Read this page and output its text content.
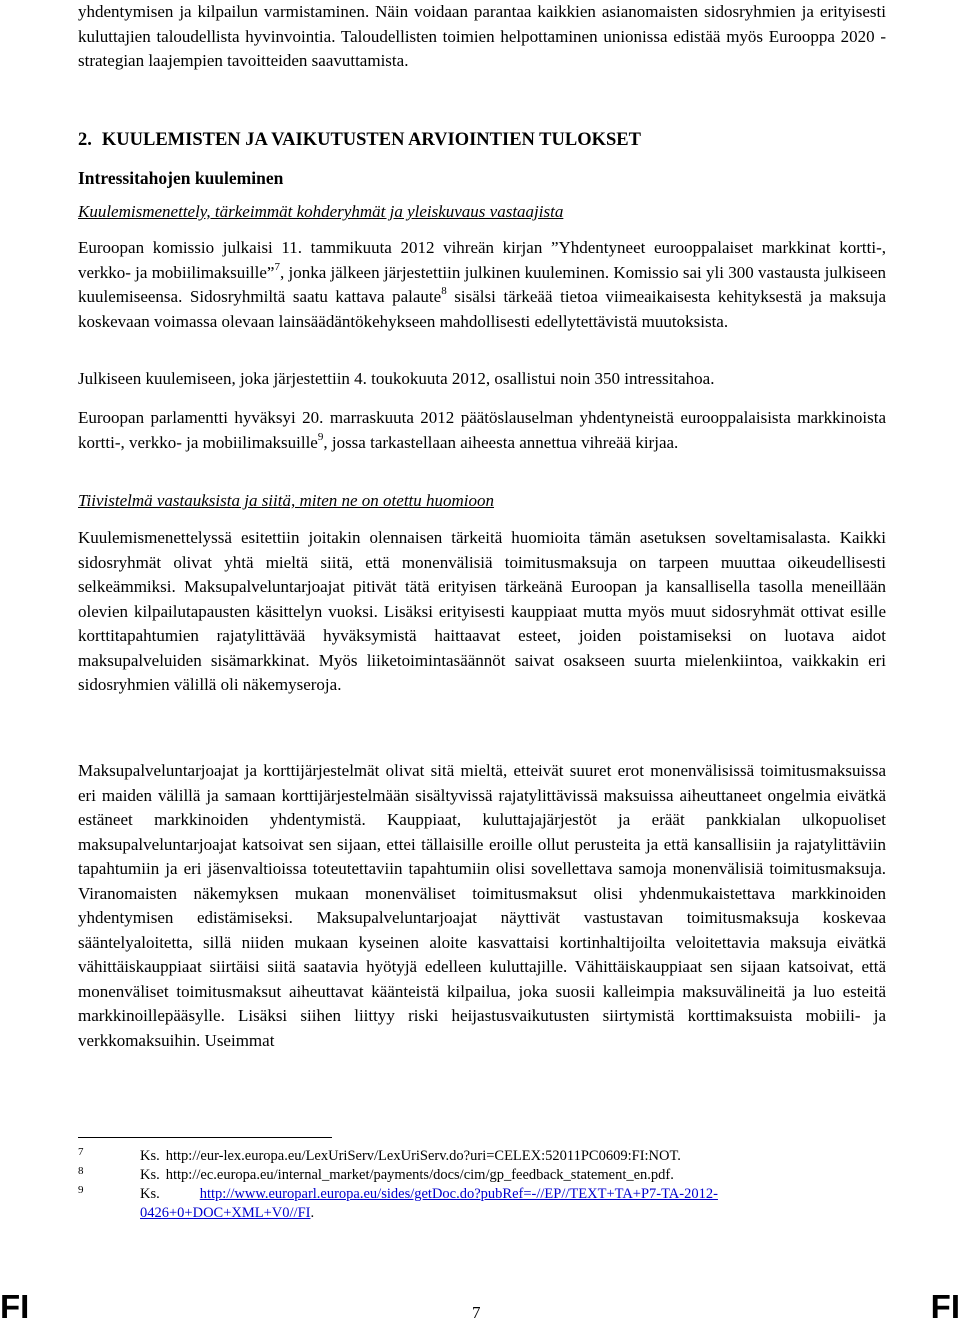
yhdentymisen ja kilpailun varmistaminen. Näin voidaan parantaa kaikkien asianomaisten sidosryhmien ja erityisesti kuluttajien taloudellista hyvinvointia. Taloudellisten toimien helpottaminen unionissa edistää myös Eurooppa 2020 -strategian laajempien tavoitteiden saavuttamista.

2. KUULEMISTEN JA VAIKUTUSTEN ARVIOINTIEN TULOKSET
Intressitahojen kuuleminen
Kuulemismenettely, tärkeimmät kohderyhmät ja yleiskuvaus vastaajista

Euroopan komissio julkaisi 11. tammikuuta 2012 vihreän kirjan ”Yhdentyneet eurooppalaiset markkinat kortti-, verkko- ja mobiilimaksuille”$^7$, jonka jälkeen järjestettiin julkinen kuuleminen. Komissio sai yli 300 vastausta julkiseen kuulemiseensa. Sidosryhmiltä saatu kattava palaute$^8$ sisälsi tärkeää tietoa viimeaikaisesta kehityksestä ja maksuja koskevaan voimassa olevaan lainsäädäntökehykseen mahdollisesti edellytettävistä muutoksista.

Julkiseen kuulemiseen, joka järjestettiin 4. toukokuuta 2012, osallistui noin 350 intressitahoa.

Euroopan parlamentti hyväksyi 20. marraskuuta 2012 päätöslauselman yhdentyneistä eurooppalaisista markkinoista kortti-, verkko- ja mobiilimaksuille$^9$, jossa tarkastellaan aiheesta annettua vihreää kirjaa.

Tiivistelmä vastauksista ja siitä, miten ne on otettu huomioon

Kuulemismenettelyssä esitettiin joitakin olennaisen tärkeitä huomioita tämän asetuksen soveltamisalasta. Kaikki sidosryhmät olivat yhtä mieltä siitä, että monenvälisiä toimitusmaksuja on tarpeen muuttaa oikeudellisesti selkeämmiksi. Maksupalveluntarjoajat pitivät tätä erityisen tärkeänä Euroopan ja kansallisella tasolla meneillään olevien kilpailutapausten käsittelyn vuoksi. Lisäksi erityisesti kauppiaat mutta myös muut sidosryhmät ottivat esille korttitapahtumien rajatylittävää hyväksymistä haittaavat esteet, joiden poistamiseksi on luotava aidot maksupalveluiden sisämarkkinat. Myös liiketoimintasäännöt saivat osakseen suurta mielenkiintoa, vaikkakin eri sidosryhmien välillä oli näkemyseroja.

Maksupalveluntarjoajat ja korttijärjestelmät olivat sitä mieltä, etteivät suuret erot monenvälisissä toimitusmaksuissa eri maiden välillä ja samaan korttijärjestelmään sisältyvissä rajatylittävissä maksuissa aiheuttaneet ongelmia eivätkä estäneet markkinoiden yhdentymistä. Kauppiaat, kuluttajajärjestöt ja eräät pankkialan ulkopuoliset maksupalveluntarjoajat katsoivat sen sijaan, ettei tällaisille eroille ollut perusteita ja että kansallisiin ja rajatylittäviin tapahtumiin ja eri jäsenvaltioissa toteutettaviin tapahtumiin olisi sovellettava samoja monenvälisiä toimitusmaksuja. Viranomaisten näkemyksen mukaan monenväliset toimitusmaksut olisi yhdenmukaistettava markkinoiden yhdentymisen edistämiseksi. Maksupalveluntarjoajat näyttivät vastustavan toimitusmaksuja koskevaa sääntelyaloitetta, sillä niiden mukaan kyseinen aloite kasvattaisi kortinhaltijoilta veloitettavia maksuja eivätkä vähittäiskauppiaat siirtäisi siitä saatavia hyötyjä edelleen kuluttajille. Vähittäiskauppiaat sen sijaan katsoivat, että monenväliset toimitusmaksut aiheuttavat käänteistä kilpailua, joka suosii kalleimpia maksuvälineitä ja luo esteitä markkinoillepääsylle. Lisäksi siihen liittyy riski heijastusvaikutusten siirtymistä korttimaksuista mobiili- ja verkkomaksuihin. Useimmat

7	Ks. http://eur-lex.europa.eu/LexUriServ/LexUriServ.do?uri=CELEX:52011PC0609:FI:NOT.
8	Ks. http://ec.europa.eu/internal_market/payments/docs/cim/gp_feedback_statement_en.pdf.
9	Ks.	http://www.europarl.europa.eu/sides/getDoc.do?pubRef=-//EP//TEXT+TA+P7-TA-2012-0426+0+DOC+XML+V0//FI.
FI	7	FI
